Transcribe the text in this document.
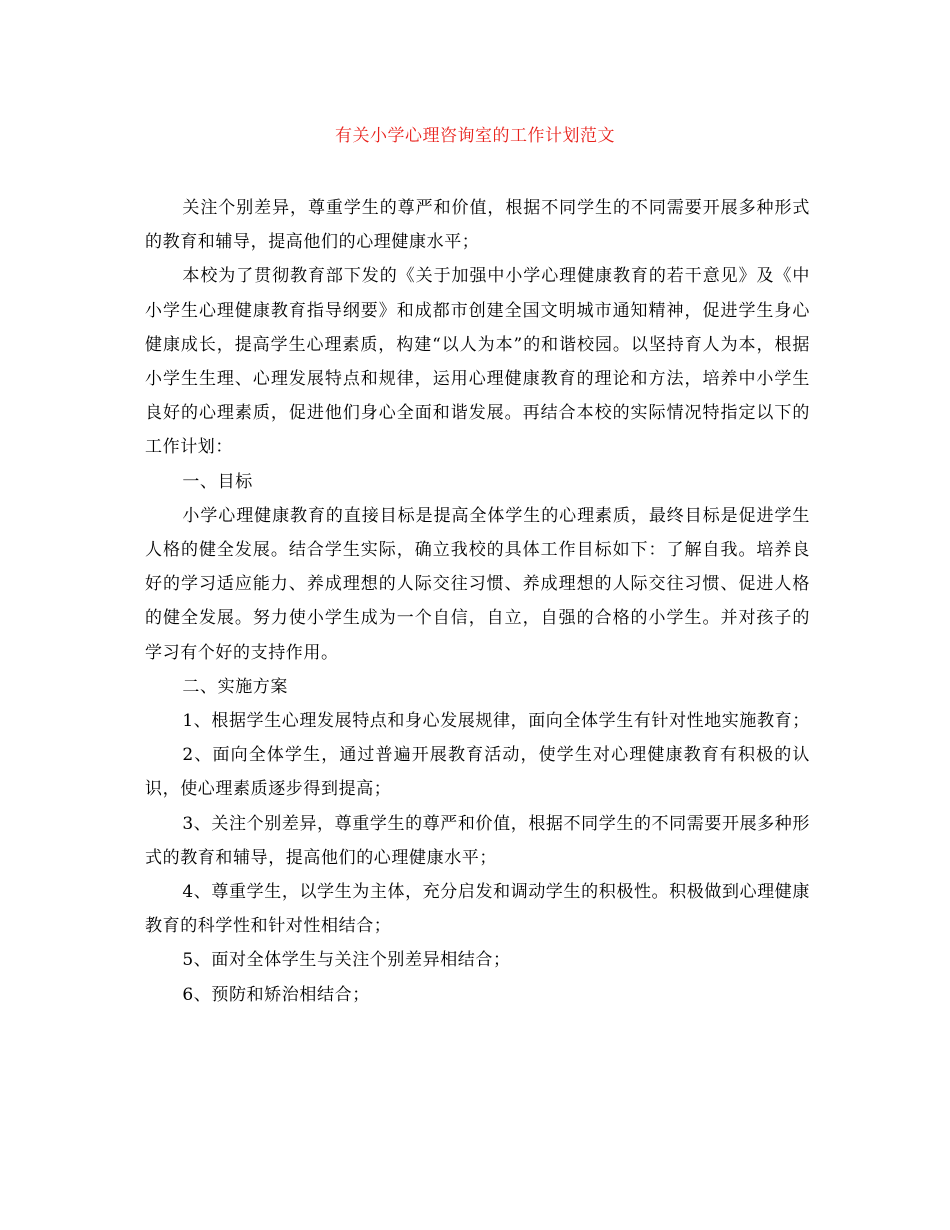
有关小学心理咨询室的工作计划范文

关注个别差异，尊重学生的尊严和价值，根据不同学生的不同需要开展多种形式的教育和辅导，提高他们的心理健康水平；

本校为了贯彻教育部下发的《关于加强中小学心理健康教育的若干意见》及《中小学生心理健康教育指导纲要》和成都市创建全国文明城市通知精神，促进学生身心健康成长，提高学生心理素质，构建“以人为本”的和谐校园。以坚持育人为本，根据小学生生理、心理发展特点和规律，运用心理健康教育的理论和方法，培养中小学生良好的心理素质，促进他们身心全面和谐发展。再结合本校的实际情况特指定以下的工作计划：

一、目标

小学心理健康教育的直接目标是提高全体学生的心理素质，最终目标是促进学生人格的健全发展。结合学生实际，确立我校的具体工作目标如下：了解自我。培养良好的学习适应能力、养成理想的人际交往习惯、养成理想的人际交往习惯、促进人格的健全发展。努力使小学生成为一个自信，自立，自强的合格的小学生。并对孩子的学习有个好的支持作用。

二、实施方案

1、根据学生心理发展特点和身心发展规律，面向全体学生有针对性地实施教育；

2、面向全体学生，通过普遍开展教育活动，使学生对心理健康教育有积极的认识，使心理素质逐步得到提高；

3、关注个别差异，尊重学生的尊严和价值，根据不同学生的不同需要开展多种形式的教育和辅导，提高他们的心理健康水平；

4、尊重学生，以学生为主体，充分启发和调动学生的积极性。积极做到心理健康教育的科学性和针对性相结合；

5、面对全体学生与关注个别差异相结合；

6、预防和矫治相结合；
